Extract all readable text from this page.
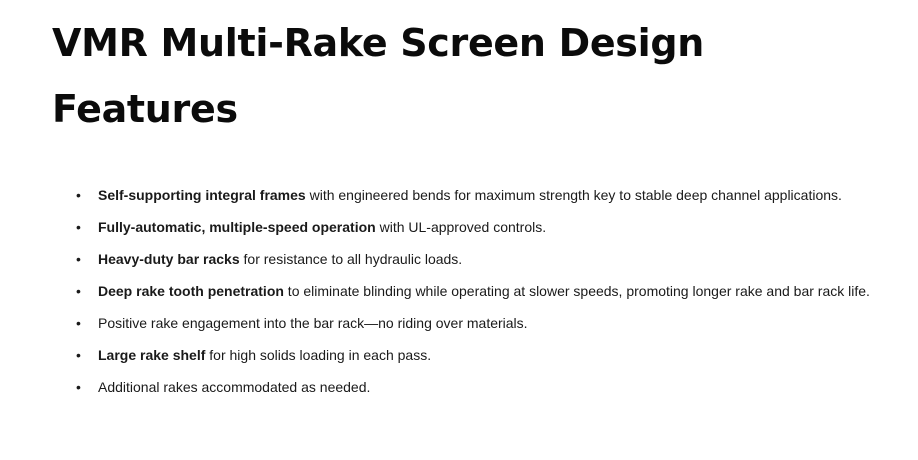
VMR Multi-Rake Screen Design Features
• Self-supporting integral frames with engineered bends for maximum strength key to stable deep channel applications.
• Fully-automatic, multiple-speed operation with UL-approved controls.
• Heavy-duty bar racks for resistance to all hydraulic loads.
• Deep rake tooth penetration to eliminate blinding while operating at slower speeds, promoting longer rake and bar rack life.
• Positive rake engagement into the bar rack—no riding over materials.
• Large rake shelf for high solids loading in each pass.
• Additional rakes accommodated as needed.
